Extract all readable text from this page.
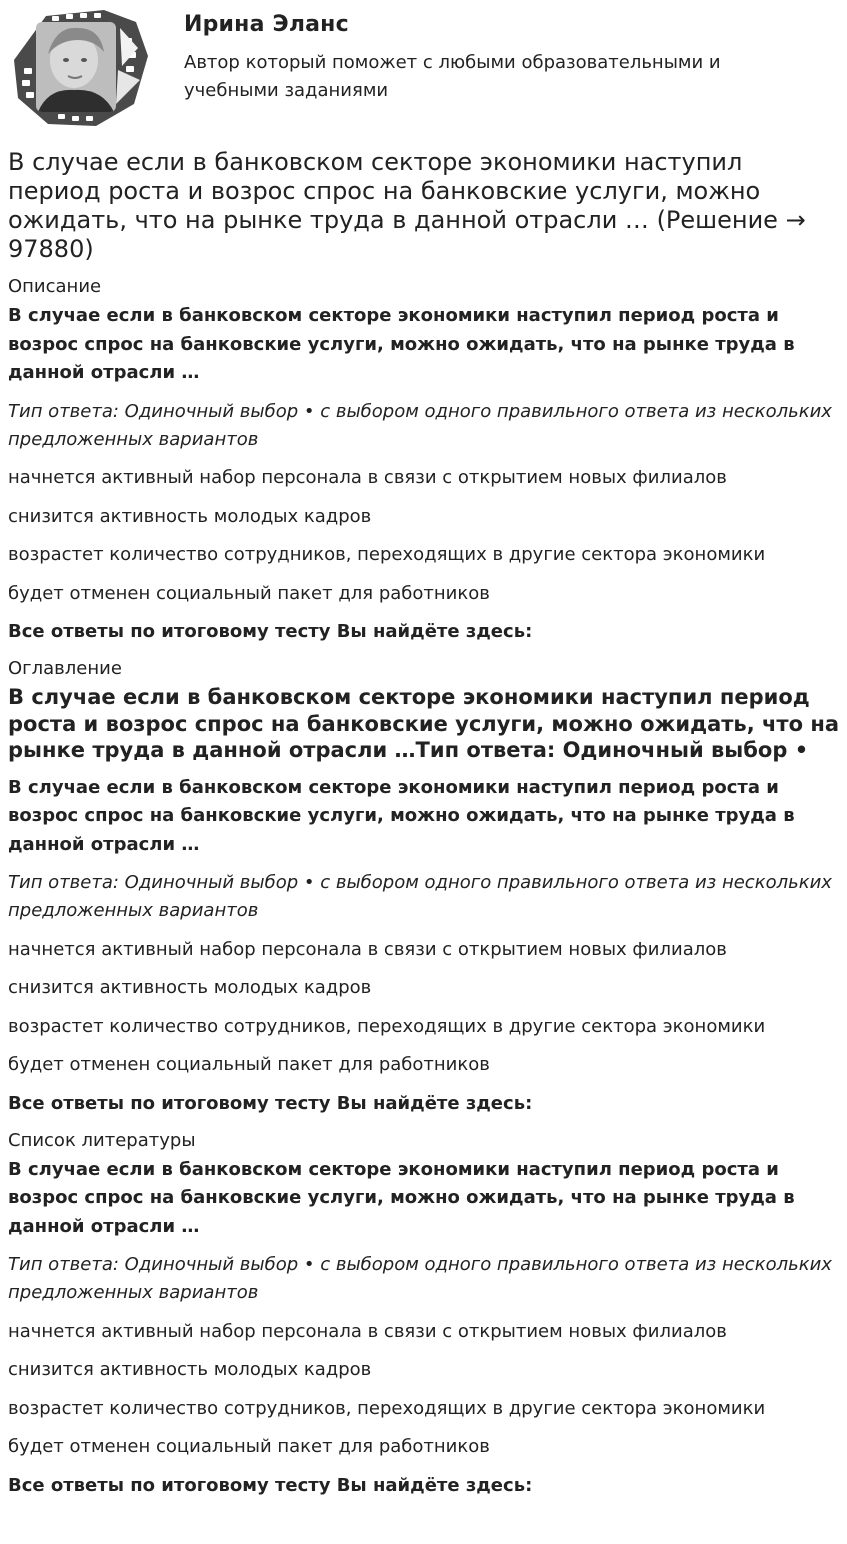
Ирина Эланс
Автор который поможет с любыми образовательными и учебными заданиями
В случае если в банковском секторе экономики наступил период роста и возрос спрос на банковские услуги, можно ожидать, что на рынке труда в данной отрасли … (Решение → 97880)
Описание
В случае если в банковском секторе экономики наступил период роста и возрос спрос на банковские услуги, можно ожидать, что на рынке труда в данной отрасли …
Тип ответа: Одиночный выбор • с выбором одного правильного ответа из нескольких предложенных вариантов
начнется активный набор персонала в связи с открытием новых филиалов
снизится активность молодых кадров
возрастет количество сотрудников, переходящих в другие сектора экономики
будет отменен социальный пакет для работников
Все ответы по итоговому тесту Вы найдёте здесь:
Оглавление
В случае если в банковском секторе экономики наступил период роста и возрос спрос на банковские услуги, можно ожидать, что на рынке труда в данной отрасли …Тип ответа: Одиночный выбор •
В случае если в банковском секторе экономики наступил период роста и возрос спрос на банковские услуги, можно ожидать, что на рынке труда в данной отрасли …
Тип ответа: Одиночный выбор • с выбором одного правильного ответа из нескольких предложенных вариантов
начнется активный набор персонала в связи с открытием новых филиалов
снизится активность молодых кадров
возрастет количество сотрудников, переходящих в другие сектора экономики
будет отменен социальный пакет для работников
Все ответы по итоговому тесту Вы найдёте здесь:
Список литературы
В случае если в банковском секторе экономики наступил период роста и возрос спрос на банковские услуги, можно ожидать, что на рынке труда в данной отрасли …
Тип ответа: Одиночный выбор • с выбором одного правильного ответа из нескольких предложенных вариантов
начнется активный набор персонала в связи с открытием новых филиалов
снизится активность молодых кадров
возрастет количество сотрудников, переходящих в другие сектора экономики
будет отменен социальный пакет для работников
Все ответы по итоговому тесту Вы найдёте здесь:
